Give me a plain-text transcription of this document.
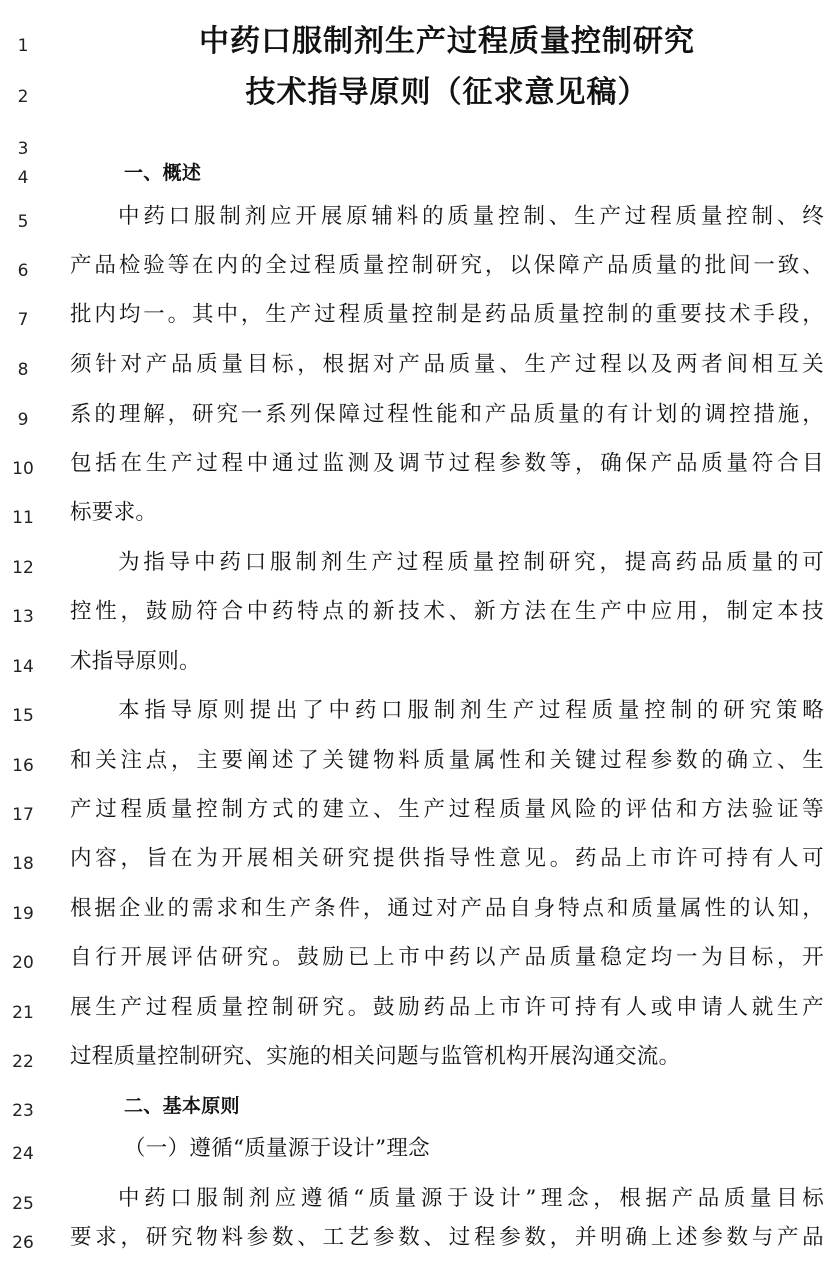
1	中药口服制剂生产过程质量控制研究
2	技术指导原则（征求意见稿）
3
4	一、概述
5	中药口服制剂应开展原辅料的质量控制、生产过程质量控制、终
6	产品检验等在内的全过程质量控制研究，以保障产品质量的批间一致、
7	批内均一。其中，生产过程质量控制是药品质量控制的重要技术手段，
8	须针对产品质量目标，根据对产品质量、生产过程以及两者间相互关
9	系的理解，研究一系列保障过程性能和产品质量的有计划的调控措施，
10	包括在生产过程中通过监测及调节过程参数等，确保产品质量符合目
11	标要求。
12	为指导中药口服制剂生产过程质量控制研究，提高药品质量的可
13	控性，鼓励符合中药特点的新技术、新方法在生产中应用，制定本技
14	术指导原则。
15	本指导原则提出了中药口服制剂生产过程质量控制的研究策略
16	和关注点，主要阐述了关键物料质量属性和关键过程参数的确立、生
17	产过程质量控制方式的建立、生产过程质量风险的评估和方法验证等
18	内容，旨在为开展相关研究提供指导性意见。药品上市许可持有人可
19	根据企业的需求和生产条件，通过对产品自身特点和质量属性的认知，
20	自行开展评估研究。鼓励已上市中药以产品质量稳定均一为目标，开
21	展生产过程质量控制研究。鼓励药品上市许可持有人或申请人就生产
22	过程质量控制研究、实施的相关问题与监管机构开展沟通交流。
23	二、基本原则
24	（一）遵循“质量源于设计”理念
25	中药口服制剂应遵循“质量源于设计”理念，根据产品质量目标
26	要求，研究物料参数、工艺参数、过程参数，并明确上述参数与产品
